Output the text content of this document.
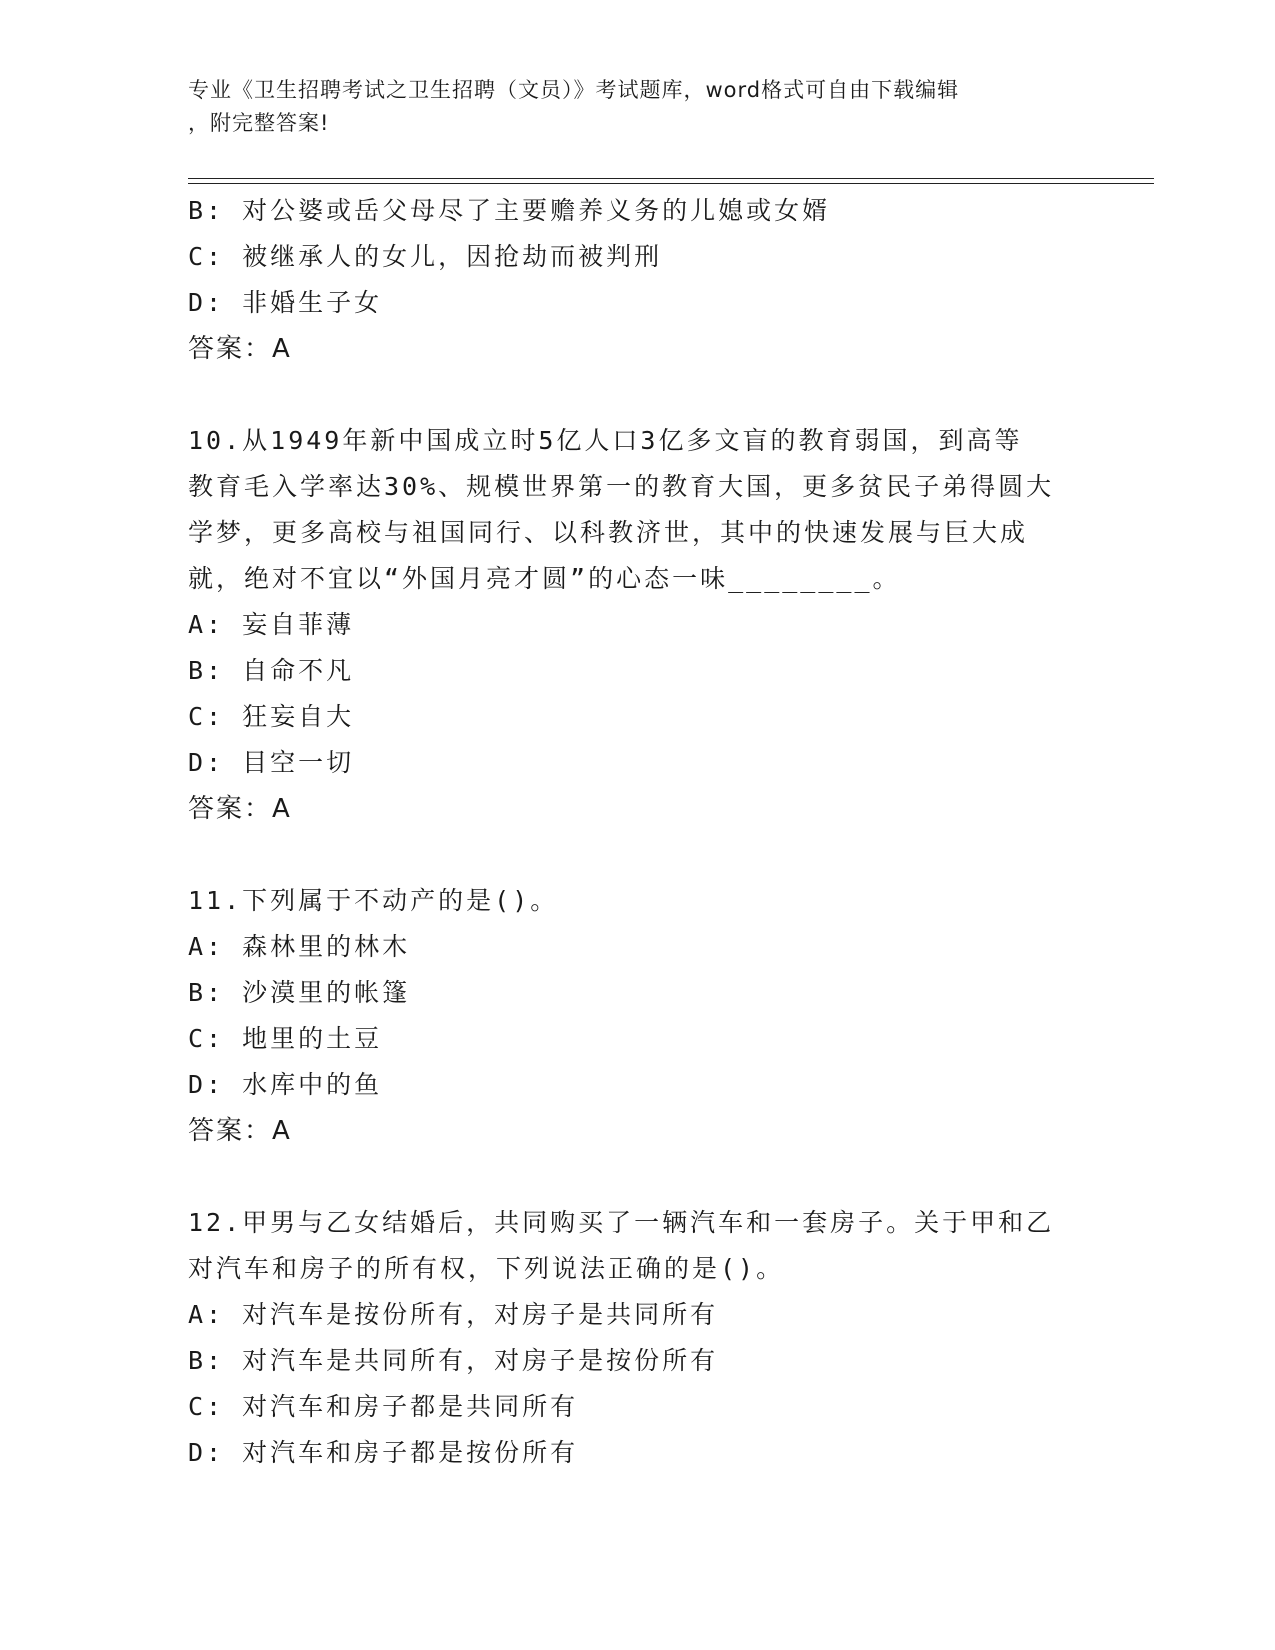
专业《卫生招聘考试之卫生招聘（文员）》考试题库，word格式可自由下载编辑
，附完整答案!
B: 对公婆或岳父母尽了主要赡养义务的儿媳或女婿
C: 被继承人的女儿，因抢劫而被判刑
D: 非婚生子女
答案：A
10.从1949年新中国成立时5亿人口3亿多文盲的教育弱国，到高等
教育毛入学率达30%、规模世界第一的教育大国，更多贫民子弟得圆大
学梦，更多高校与祖国同行、以科教济世，其中的快速发展与巨大成
就，绝对不宜以“外国月亮才圆”的心态一味________。
A: 妄自菲薄
B: 自命不凡
C: 狂妄自大
D: 目空一切
答案：A
11.下列属于不动产的是()。
A: 森林里的林木
B: 沙漠里的帐篷
C: 地里的土豆
D: 水库中的鱼
答案：A
12.甲男与乙女结婚后，共同购买了一辆汽车和一套房子。关于甲和乙
对汽车和房子的所有权，下列说法正确的是()。
A: 对汽车是按份所有，对房子是共同所有
B: 对汽车是共同所有，对房子是按份所有
C: 对汽车和房子都是共同所有
D: 对汽车和房子都是按份所有
